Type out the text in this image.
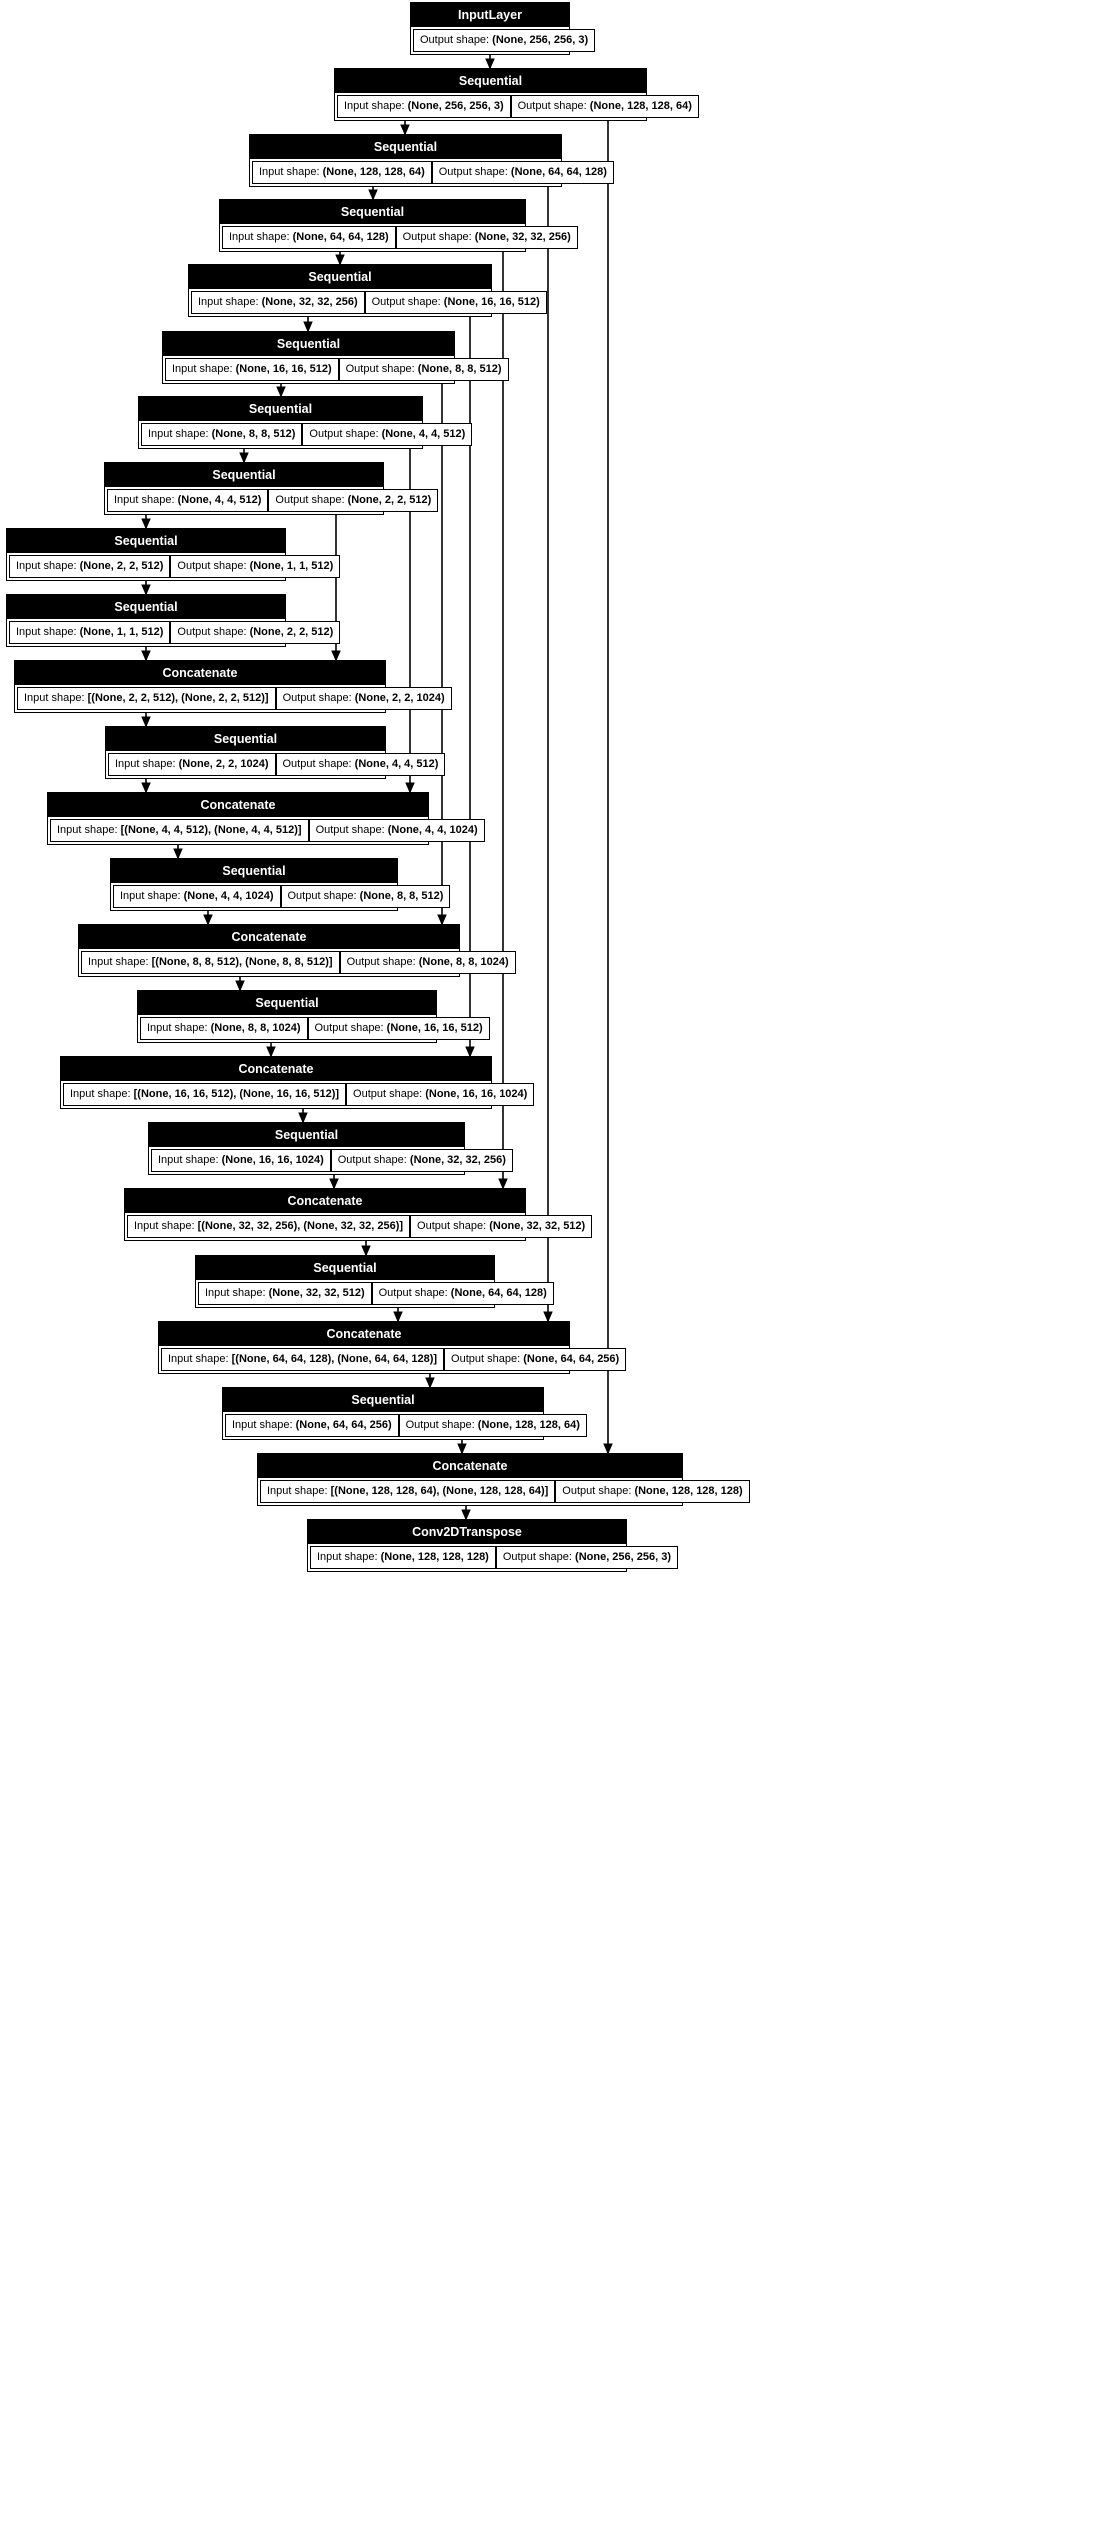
InputLayer
Output shape: (None, 256, 256, 3)
Sequential
Input shape: (None, 256, 256, 3)	Output shape: (None, 128, 128, 64)
Sequential
Input shape: (None, 128, 128, 64)	Output shape: (None, 64, 64, 128)
Sequential
Input shape: (None, 64, 64, 128)	Output shape: (None, 32, 32, 256)
Sequential
Input shape: (None, 32, 32, 256)	Output shape: (None, 16, 16, 512)
Sequential
Input shape: (None, 16, 16, 512)	Output shape: (None, 8, 8, 512)
Sequential
Input shape: (None, 8, 8, 512)	Output shape: (None, 4, 4, 512)
Sequential
Input shape: (None, 4, 4, 512)	Output shape: (None, 2, 2, 512)
Sequential
Input shape: (None, 2, 2, 512)	Output shape: (None, 1, 1, 512)
Sequential
Input shape: (None, 1, 1, 512)	Output shape: (None, 2, 2, 512)
Concatenate
Input shape: [(None, 2, 2, 512), (None, 2, 2, 512)]	Output shape: (None, 2, 2, 1024)
Sequential
Input shape: (None, 2, 2, 1024)	Output shape: (None, 4, 4, 512)
Concatenate
Input shape: [(None, 4, 4, 512), (None, 4, 4, 512)]	Output shape: (None, 4, 4, 1024)
Sequential
Input shape: (None, 4, 4, 1024)	Output shape: (None, 8, 8, 512)
Concatenate
Input shape: [(None, 8, 8, 512), (None, 8, 8, 512)]	Output shape: (None, 8, 8, 1024)
Sequential
Input shape: (None, 8, 8, 1024)	Output shape: (None, 16, 16, 512)
Concatenate
Input shape: [(None, 16, 16, 512), (None, 16, 16, 512)]	Output shape: (None, 16, 16, 1024)
Sequential
Input shape: (None, 16, 16, 1024)	Output shape: (None, 32, 32, 256)
Concatenate
Input shape: [(None, 32, 32, 256), (None, 32, 32, 256)]	Output shape: (None, 32, 32, 512)
Sequential
Input shape: (None, 32, 32, 512)	Output shape: (None, 64, 64, 128)
Concatenate
Input shape: [(None, 64, 64, 128), (None, 64, 64, 128)]	Output shape: (None, 64, 64, 256)
Sequential
Input shape: (None, 64, 64, 256)	Output shape: (None, 128, 128, 64)
Concatenate
Input shape: [(None, 128, 128, 64), (None, 128, 128, 64)]	Output shape: (None, 128, 128, 128)
Conv2DTranspose
Input shape: (None, 128, 128, 128)	Output shape: (None, 256, 256, 3)
